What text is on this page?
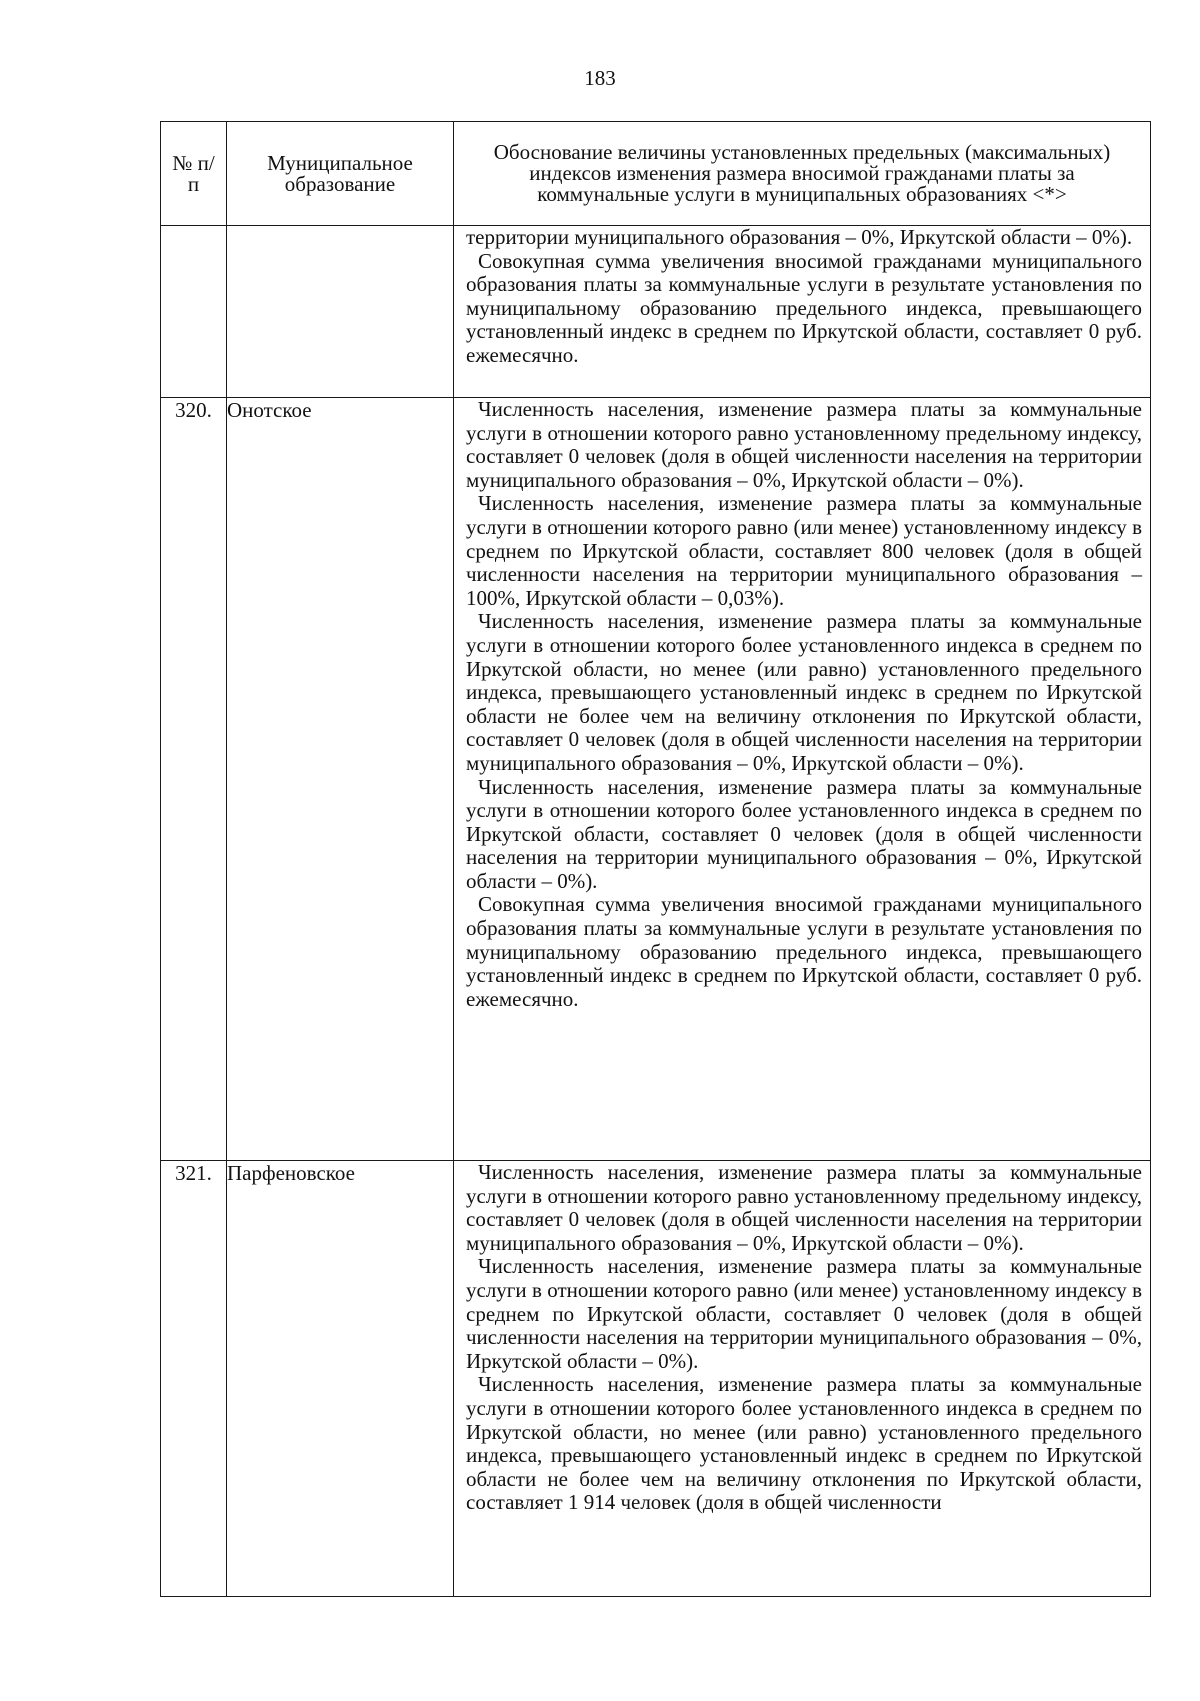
183
№ п/п	Муниципальное образование	Обоснование величины установленных предельных (максимальных) индексов изменения размера вносимой гражданами платы за коммунальные услуги в муниципальных образованиях <*>

		территории муниципального образования – 0%, Иркутской области – 0%).

Совокупная сумма увеличения вносимой гражданами муниципального образования платы за коммунальные услуги в результате установления по муниципальному образованию предельного индекса, превышающего установленный индекс в среднем по Иркутской области, составляет 0 руб. ежемесячно.

320.	Онотское	Численность населения, изменение размера платы за коммунальные услуги в отношении которого равно установленному предельному индексу, составляет 0 человек (доля в общей численности населения на территории муниципального образования – 0%, Иркутской области – 0%).

Численность населения, изменение размера платы за коммунальные услуги в отношении которого равно (или менее) установленному индексу в среднем по Иркутской области, составляет 800 человек (доля в общей численности населения на территории муниципального образования – 100%, Иркутской области – 0,03%).

Численность населения, изменение размера платы за коммунальные услуги в отношении которого более установленного индекса в среднем по Иркутской области, но менее (или равно) установленного предельного индекса, превышающего установленный индекс в среднем по Иркутской области не более чем на величину отклонения по Иркутской области, составляет 0 человек (доля в общей численности населения на территории муниципального образования – 0%, Иркутской области – 0%).

Численность населения, изменение размера платы за коммунальные услуги в отношении которого более установленного индекса в среднем по Иркутской области, составляет 0 человек (доля в общей численности населения на территории муниципального образования – 0%, Иркутской области – 0%).

Совокупная сумма увеличения вносимой гражданами муниципального образования платы за коммунальные услуги в результате установления по муниципальному образованию предельного индекса, превышающего установленный индекс в среднем по Иркутской области, составляет 0 руб. ежемесячно.

321.	Парфеновское	Численность населения, изменение размера платы за коммунальные услуги в отношении которого равно установленному предельному индексу, составляет 0 человек (доля в общей численности населения на территории муниципального образования – 0%, Иркутской области – 0%).

Численность населения, изменение размера платы за коммунальные услуги в отношении которого равно (или менее) установленному индексу в среднем по Иркутской области, составляет 0 человек (доля в общей численности населения на территории муниципального образования – 0%, Иркутской области – 0%).

Численность населения, изменение размера платы за коммунальные услуги в отношении которого более установленного индекса в среднем по Иркутской области, но менее (или равно) установленного предельного индекса, превышающего установленный индекс в среднем по Иркутской области не более чем на величину отклонения по Иркутской области, составляет 1 914 человек (доля в общей численности
